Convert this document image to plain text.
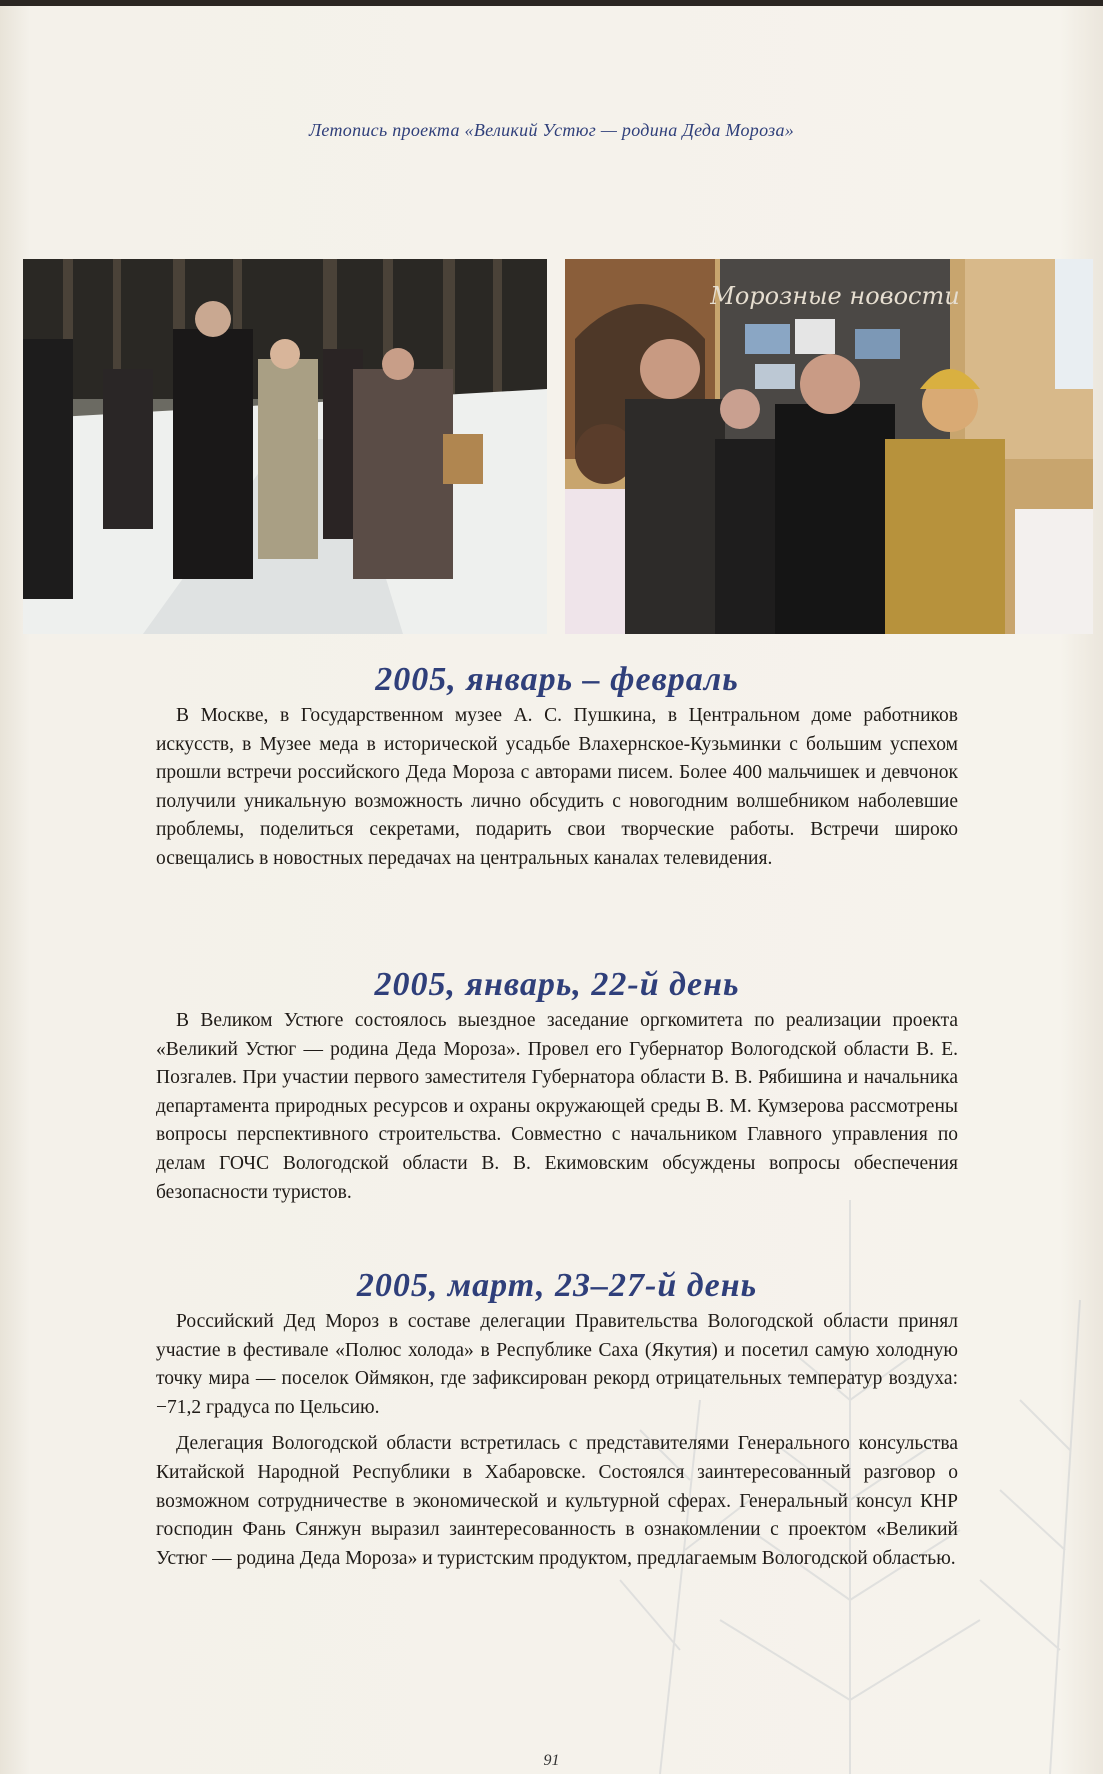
Летопись проекта «Великий Устюг — родина Деда Мороза»
Морозные новости
2005, январь – февраль

В Москве, в Государственном музее А. С. Пушкина, в Центральном доме работников искусств, в Музее меда в исторической усадьбе Влахернское-Кузьминки с большим успехом прошли встречи российского Деда Мороза с авторами писем. Более 400 мальчишек и девчонок получили уникальную возможность лично обсудить с новогодним волшебником наболевшие проблемы, поделиться секретами, подарить свои творческие работы. Встречи широко освещались в новостных передачах на центральных каналах телевидения.

2005, январь, 22-й день

В Великом Устюге состоялось выездное заседание оргкомитета по реализации проекта «Великий Устюг — родина Деда Мороза». Провел его Губернатор Вологодской области В. Е. Позгалев. При участии первого заместителя Губернатора области В. В. Рябишина и начальника департамента природных ресурсов и охраны окружающей среды В. М. Кумзерова рассмотрены вопросы перспективного строительства. Совместно с начальником Главного управления по делам ГОЧС Вологодской области В. В. Екимовским обсуждены вопросы обеспечения безопасности туристов.

2005, март, 23–27-й день

Российский Дед Мороз в составе делегации Правительства Вологодской области принял участие в фестивале «Полюс холода» в Республике Саха (Якутия) и посетил самую холодную точку мира — поселок Оймякон, где зафиксирован рекорд отрицательных температур воздуха: −71,2 градуса по Цельсию.

Делегация Вологодской области встретилась с представителями Генерального консульства Китайской Народной Республики в Хабаровске. Состоялся заинтересованный разговор о возможном сотрудничестве в экономической и культурной сферах. Генеральный консул КНР господин Фань Сянжун выразил заинтересованность в ознакомлении с проектом «Великий Устюг — родина Деда Мороза» и туристским продуктом, предлагаемым Вологодской областью.

91
